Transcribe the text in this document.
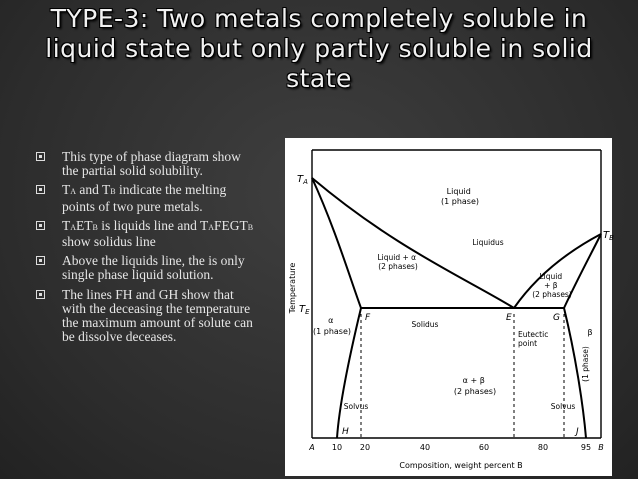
TYPE-3: Two metals completely soluble in
liquid state but only partly soluble in solid
state
This type of phase diagram show the partial solid solubility.
TA and TB indicate the melting points of two pure metals.
TAETB is liquids line and TAFEGTB show solidus line
Above the liquids line, the is only single phase liquid solution.
The lines FH and GH show that with the deceasing the temperature the maximum amount of solute can be dissolve deceases.
$T_A$
$T_B$
$T_E$
F	E	G
H	J
Liquid (1 phase)
Liquid + α (2 phases)
Liquidus
Liquid + β (2 phases)
Solidus
α (1 phase)
(1 phase)
β
Eutectic point
α + β (2 phases)
Solvus	Solvus
Temperature
Composition, weight percent B
A 10 20	40	60	80	95 B
